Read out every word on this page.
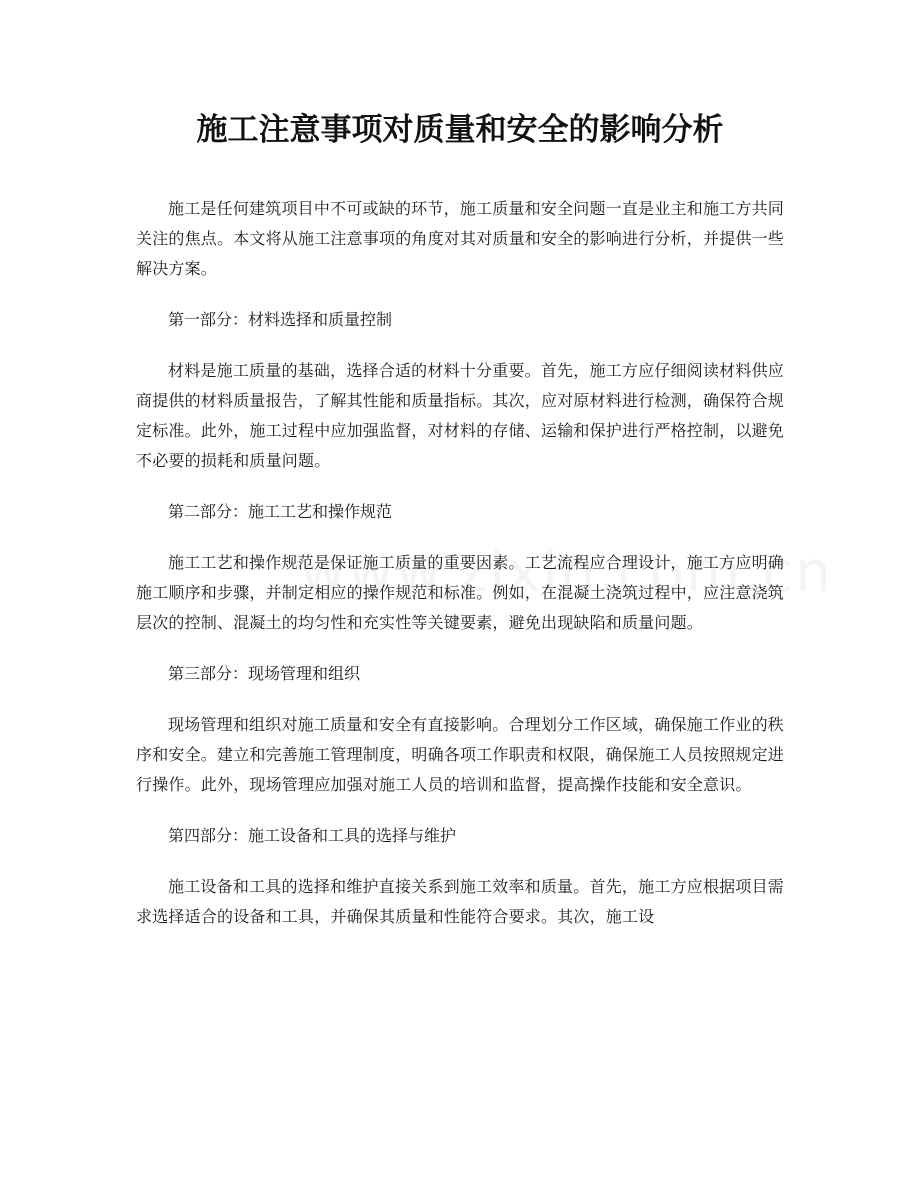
施工注意事项对质量和安全的影响分析

施工是任何建筑项目中不可或缺的环节，施工质量和安全问题一直是业主和施工方共同关注的焦点。本文将从施工注意事项的角度对其对质量和安全的影响进行分析，并提供一些解决方案。

第一部分：材料选择和质量控制

材料是施工质量的基础，选择合适的材料十分重要。首先，施工方应仔细阅读材料供应商提供的材料质量报告，了解其性能和质量指标。其次，应对原材料进行检测，确保符合规定标准。此外，施工过程中应加强监督，对材料的存储、运输和保护进行严格控制，以避免不必要的损耗和质量问题。

第二部分：施工工艺和操作规范

施工工艺和操作规范是保证施工质量的重要因素。工艺流程应合理设计，施工方应明确施工顺序和步骤，并制定相应的操作规范和标准。例如，在混凝土浇筑过程中，应注意浇筑层次的控制、混凝土的均匀性和充实性等关键要素，避免出现缺陷和质量问题。

第三部分：现场管理和组织

现场管理和组织对施工质量和安全有直接影响。合理划分工作区域，确保施工作业的秩序和安全。建立和完善施工管理制度，明确各项工作职责和权限，确保施工人员按照规定进行操作。此外，现场管理应加强对施工人员的培训和监督，提高操作技能和安全意识。

第四部分：施工设备和工具的选择与维护

施工设备和工具的选择和维护直接关系到施工效率和质量。首先，施工方应根据项目需求选择适合的设备和工具，并确保其质量和性能符合要求。其次，施工设
